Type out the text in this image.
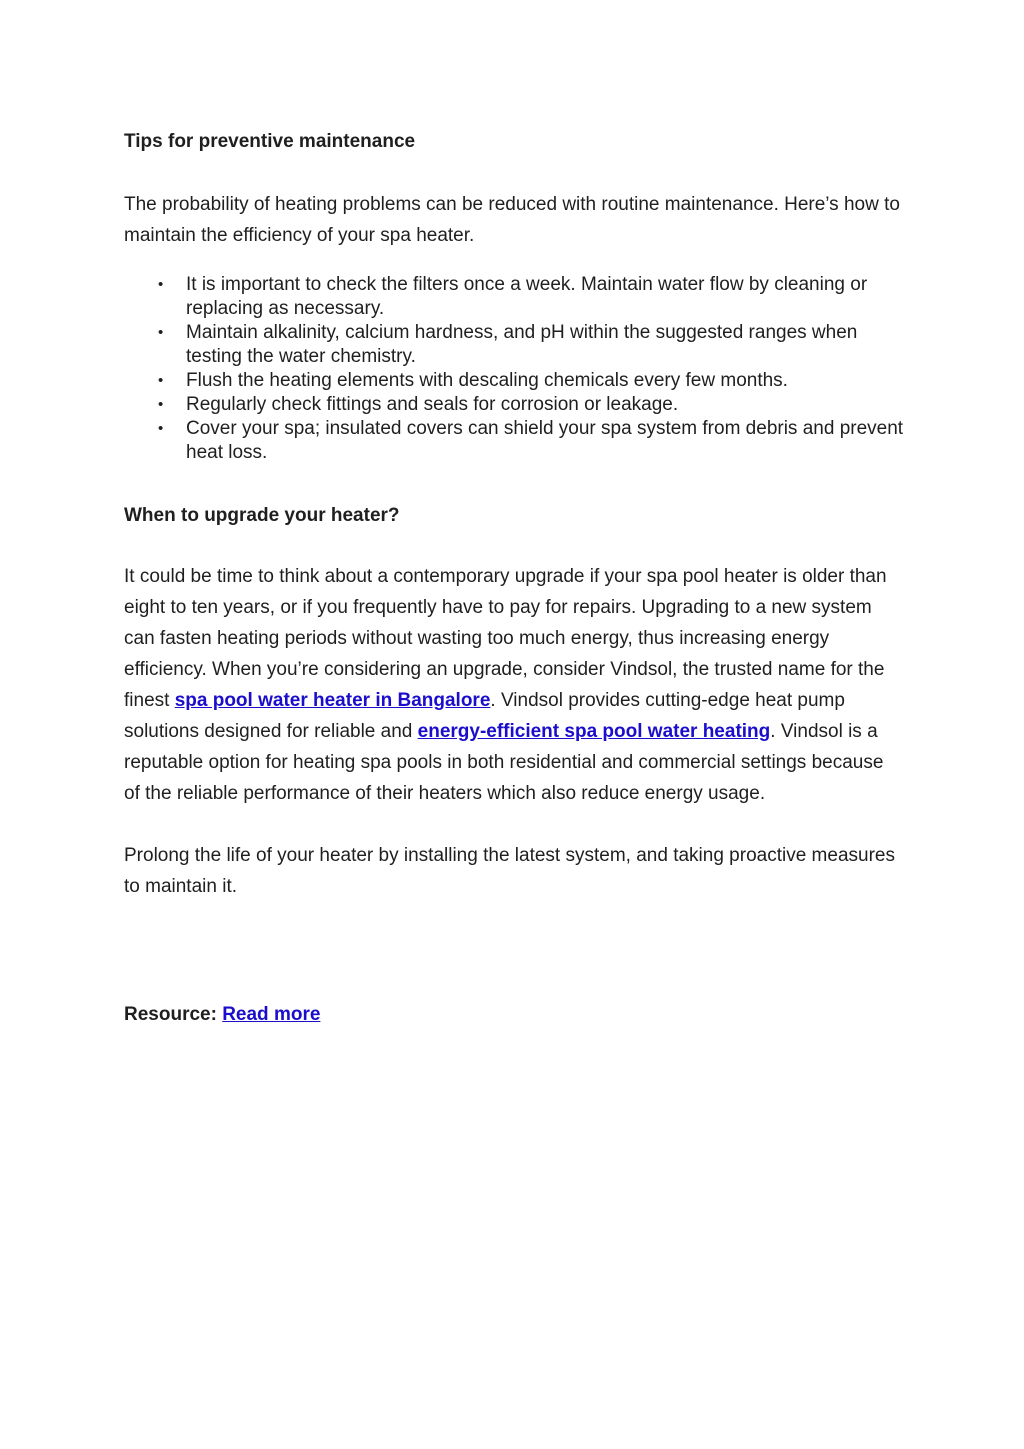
Tips for preventive maintenance

The probability of heating problems can be reduced with routine maintenance. Here’s how to maintain the efficiency of your spa heater.

• It is important to check the filters once a week. Maintain water flow by cleaning or replacing as necessary.
• Maintain alkalinity, calcium hardness, and pH within the suggested ranges when testing the water chemistry.
• Flush the heating elements with descaling chemicals every few months.
• Regularly check fittings and seals for corrosion or leakage.
• Cover your spa; insulated covers can shield your spa system from debris and prevent heat loss.

When to upgrade your heater?

It could be time to think about a contemporary upgrade if your spa pool heater is older than eight to ten years, or if you frequently have to pay for repairs. Upgrading to a new system can fasten heating periods without wasting too much energy, thus increasing energy efficiency. When you’re considering an upgrade, consider Vindsol, the trusted name for the finest spa pool water heater in Bangalore. Vindsol provides cutting-edge heat pump solutions designed for reliable and energy-efficient spa pool water heating. Vindsol is a reputable option for heating spa pools in both residential and commercial settings because of the reliable performance of their heaters which also reduce energy usage.

Prolong the life of your heater by installing the latest system, and taking proactive measures to maintain it.

Resource: Read more
